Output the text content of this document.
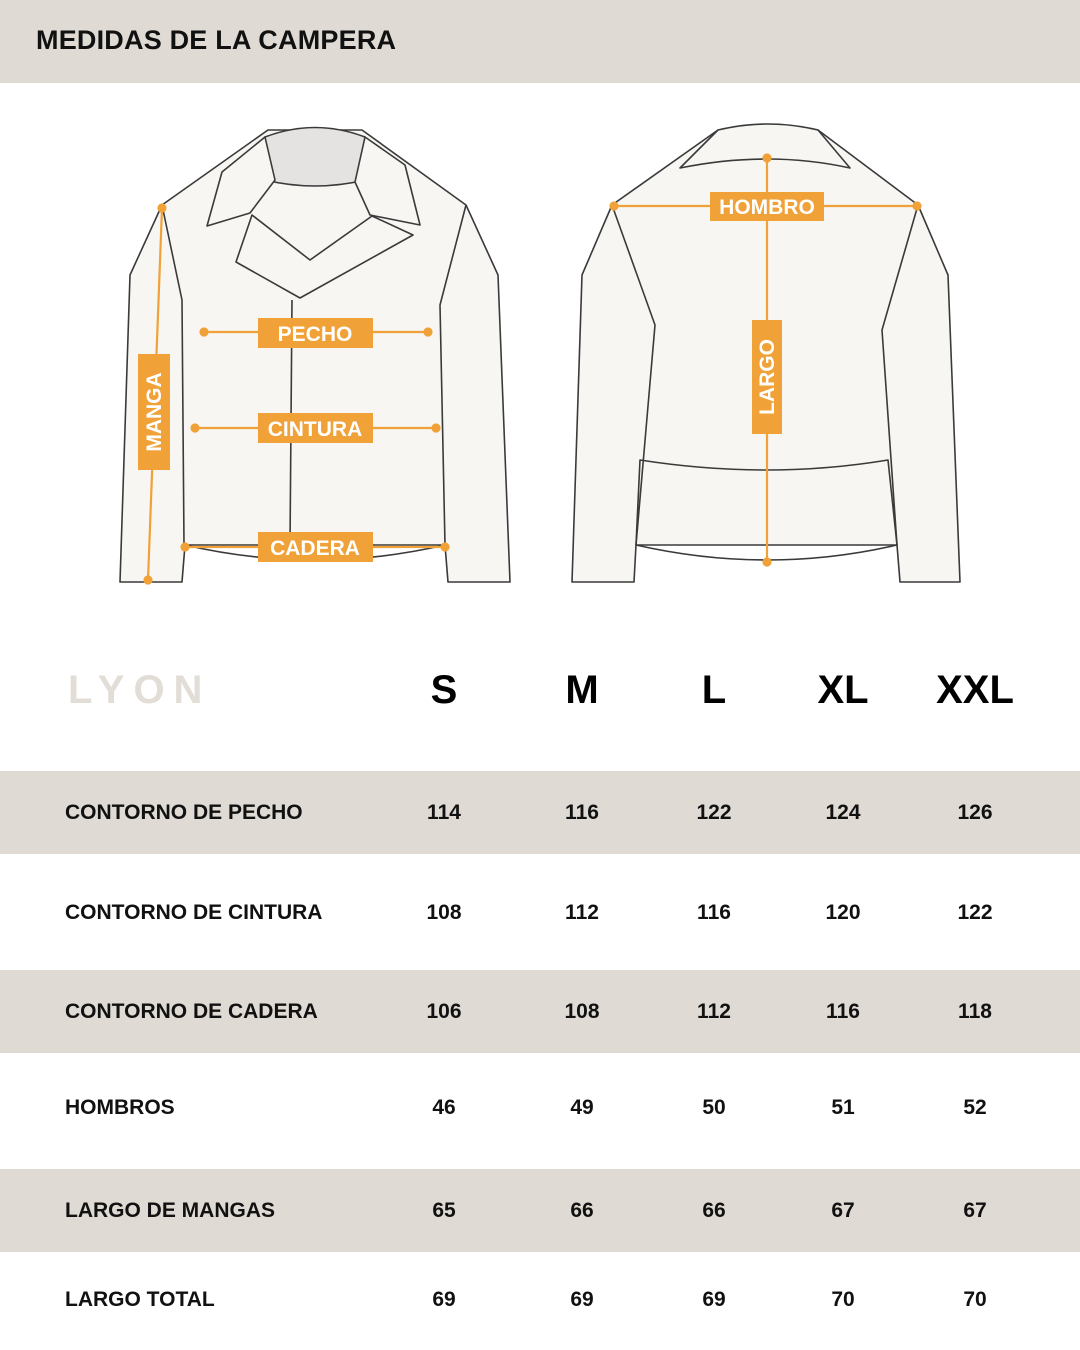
MEDIDAS DE LA CAMPERA
PECHO
CINTURA
CADERA
HOMBRO
MANGA	LARGO
LYON	S	M	L	XL	XXL
CONTORNO DE PECHO	114	116	122	124	126
CONTORNO DE CINTURA	108	112	116	120	122
CONTORNO DE CADERA	106	108	112	116	118
HOMBROS	46	49	50	51	52
LARGO DE MANGAS	65	66	66	67	67
LARGO TOTAL	69	69	69	70	70
